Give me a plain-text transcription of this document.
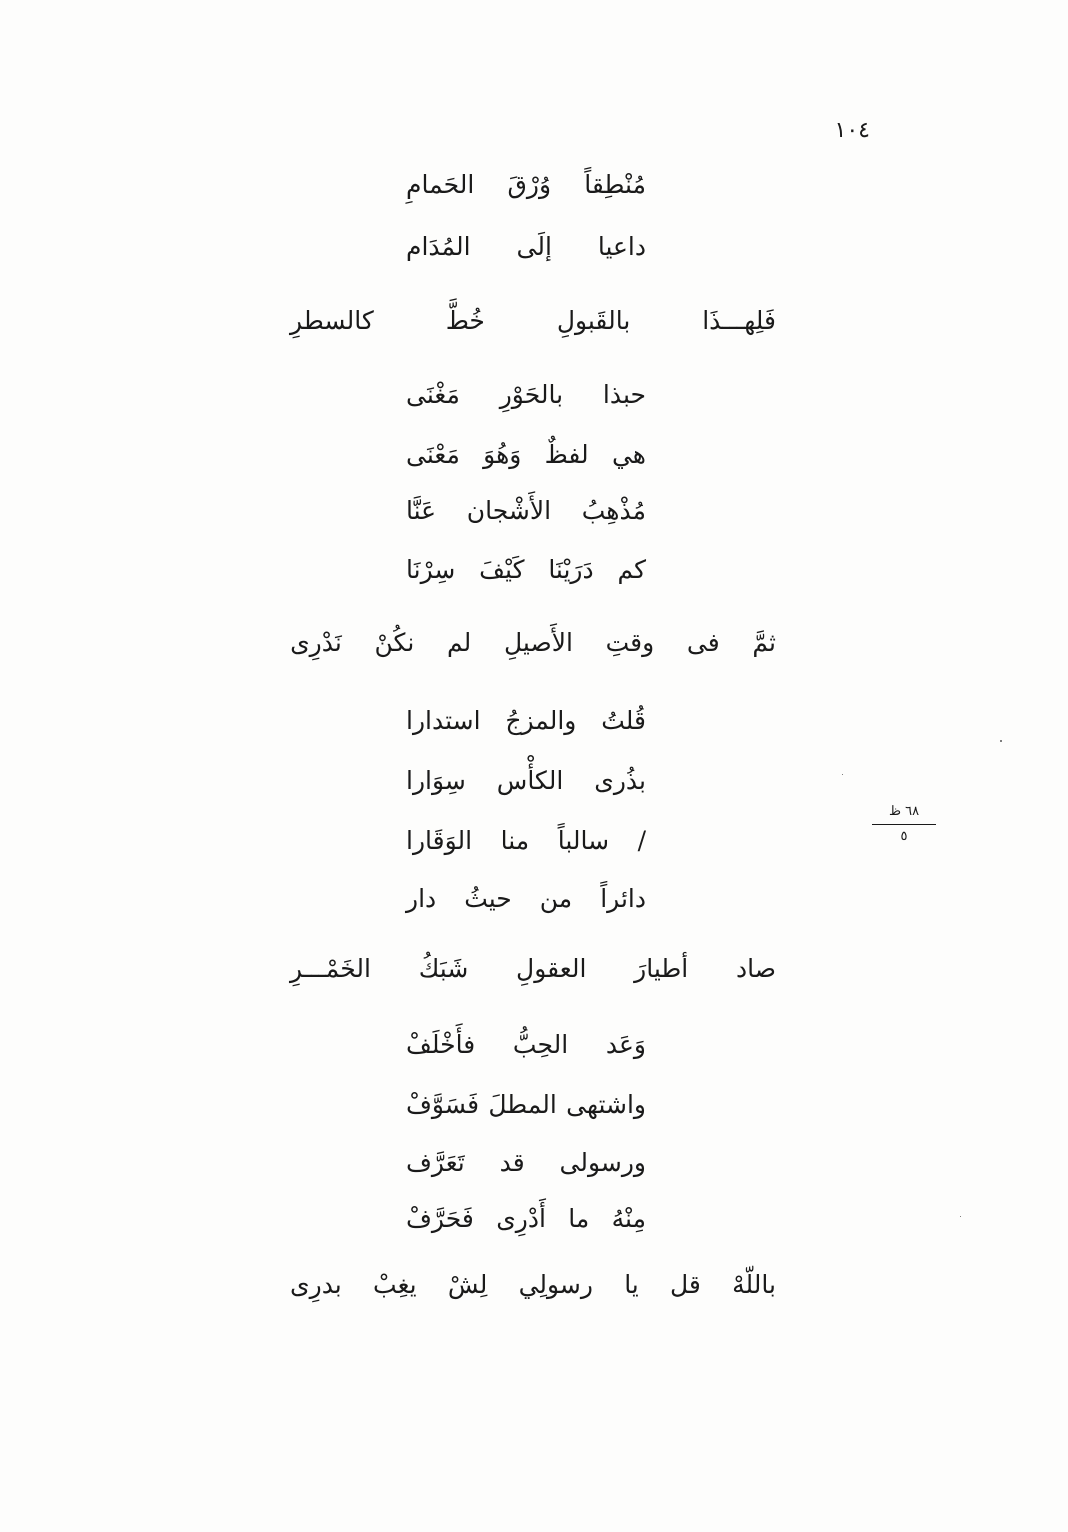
١٠٤
مُنْطِقاً
وُرْقَ
الحَمامِ
داعيا
إلَى
المُدَام
فَلِهـــذَا
بالقَبولِ
خُطَّ
كالسطرِ
حبذا
بالحَوْرِ
مَغْنَى
هي
لفظٌ
وَهُوَ
مَعْنَى
مُذْهِبُ
الأَشْجان
عَنَّا
كم
دَرَيْنَا
كَيْفَ
سِرْنَا
ثمَّ
فى
وقتِ
الأَصيلِ
لم
نكُنْ
نَدْرِى
قُلتُ
والمزجُ
استدارا
بذُرى
الكأْس
سِوَارا
/
سالباً
منا
الوَقَارا
دائراً
من
حيثُ
دار
صاد
أطيارَ
العقولِ
شَبَكُ
الخَمْـــرِ
وَعَد
الحِبُّ
فأَخْلَفْ
واشتهى
المطلَ
فَسَوَّفْ
ورسولى
قد
تَعَرَّف
مِنْهُ
ما
أَدْرِى
فَحَرَّفْ
باللّهْ
قل
يا
رسولِي
لِشْ
يغِبْ
بدرِى
٦٨ ظ
٥
